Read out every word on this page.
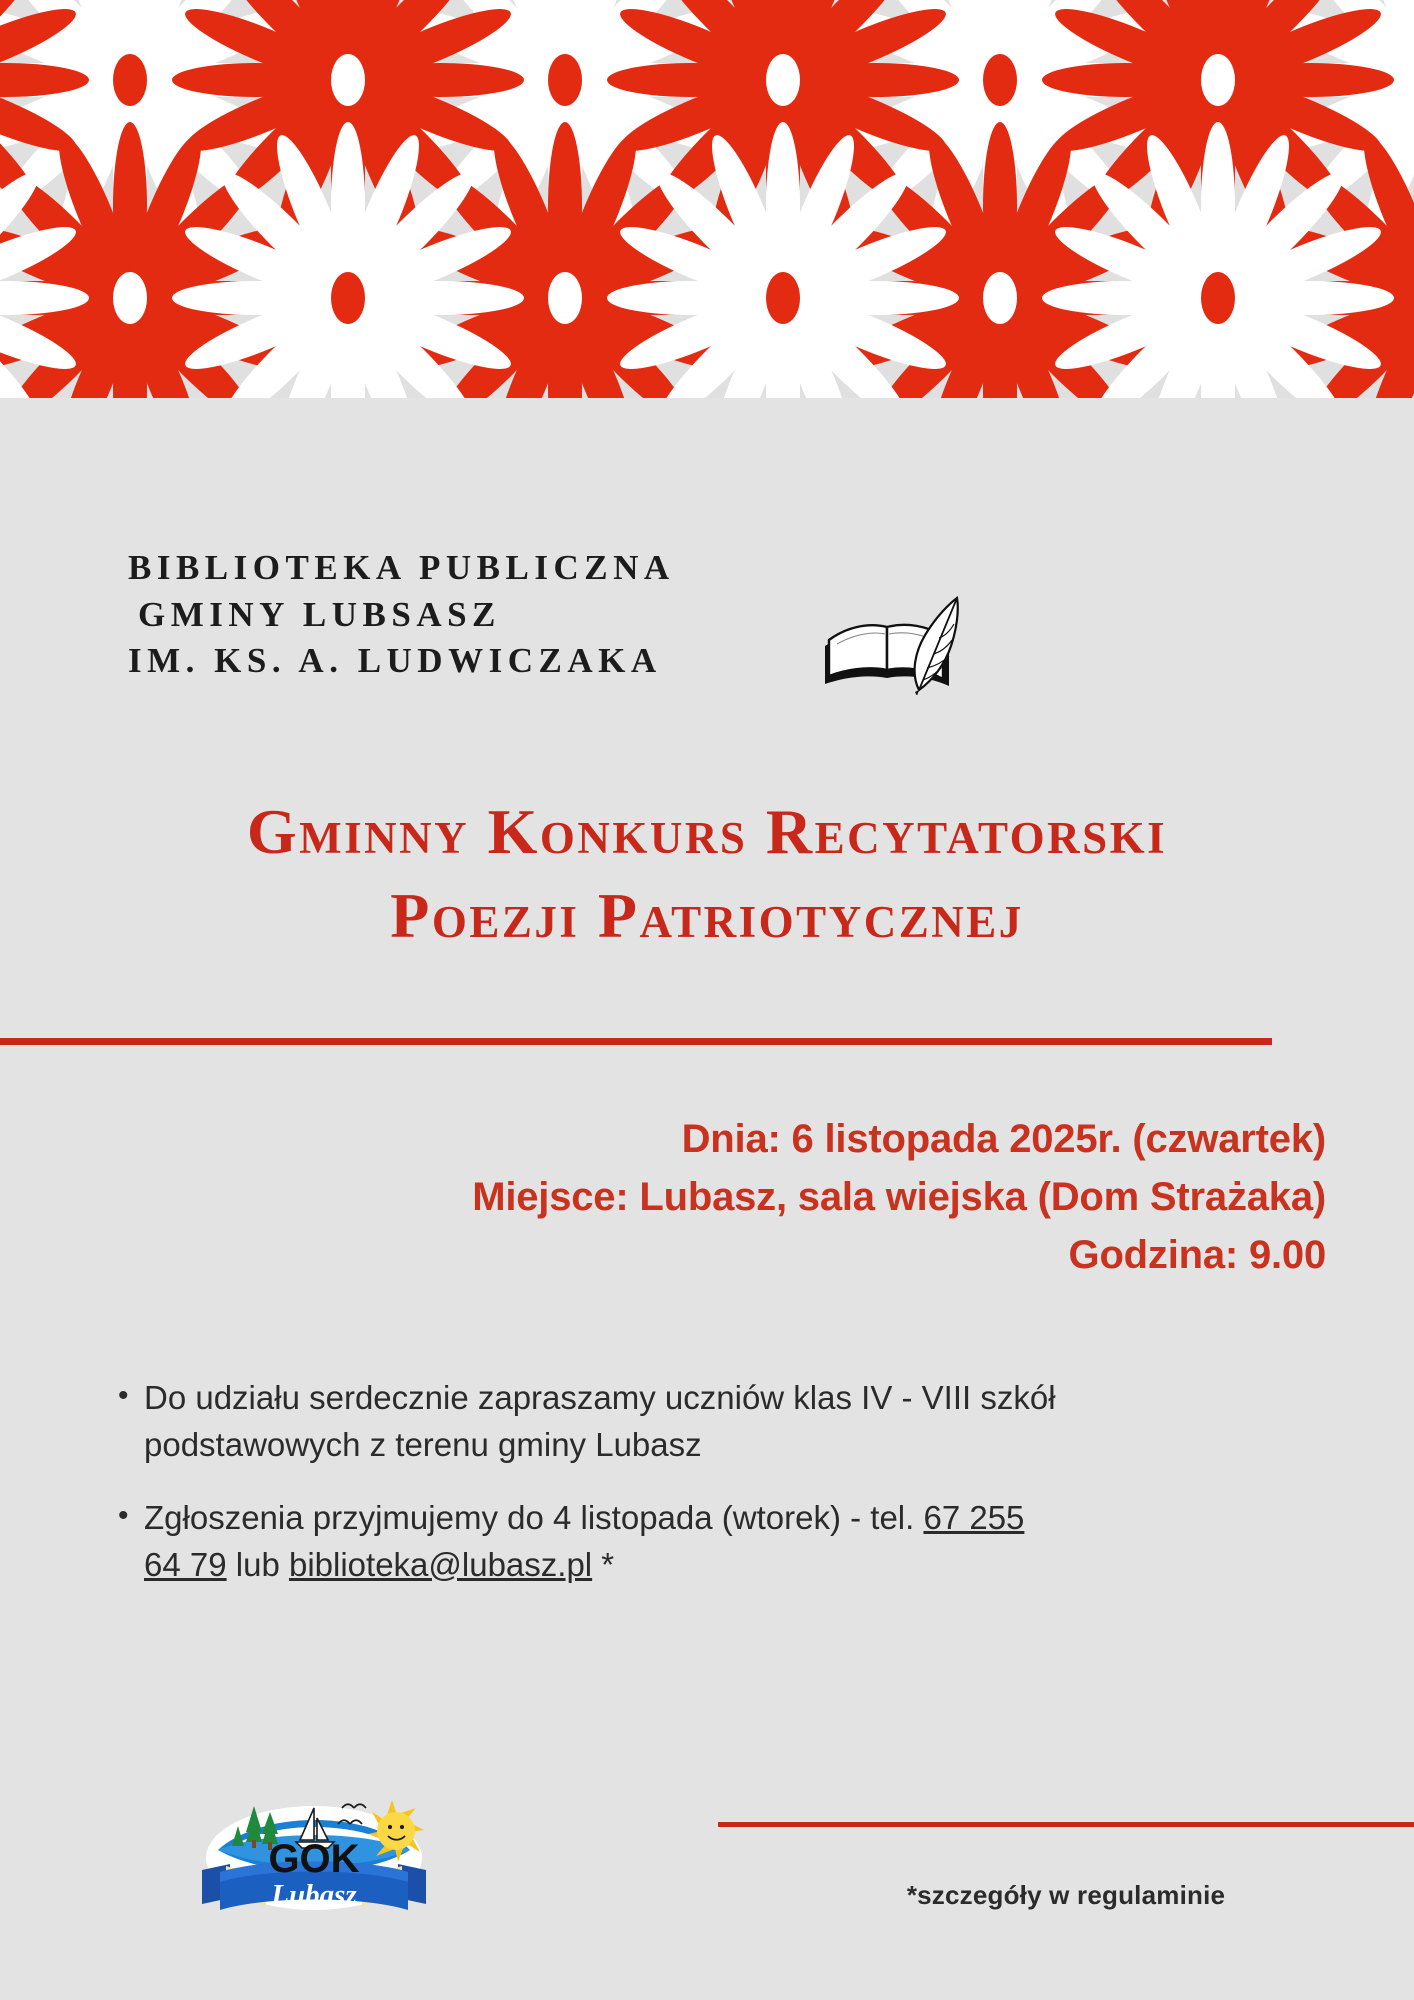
BIBLIOTEKA PUBLICZNA
GMINY LUBSASZ
IM. KS. A. LUDWICZAKA
Gminny Konkurs Recytatorski
Poezji Patriotycznej
Dnia: 6 listopada 2025r. (czwartek)
Miejsce: Lubasz, sala wiejska (Dom Strażaka)
Godzina: 9.00
• Do udziału serdecznie zapraszamy uczniów klas IV - VIII szkół podstawowych z terenu gminy Lubasz
• Zgłoszenia przyjmujemy do 4 listopada (wtorek) - tel. 67 255 64 79 lub biblioteka@lubasz.pl *
GOK
Lubasz	*szczegóły w regulaminie
